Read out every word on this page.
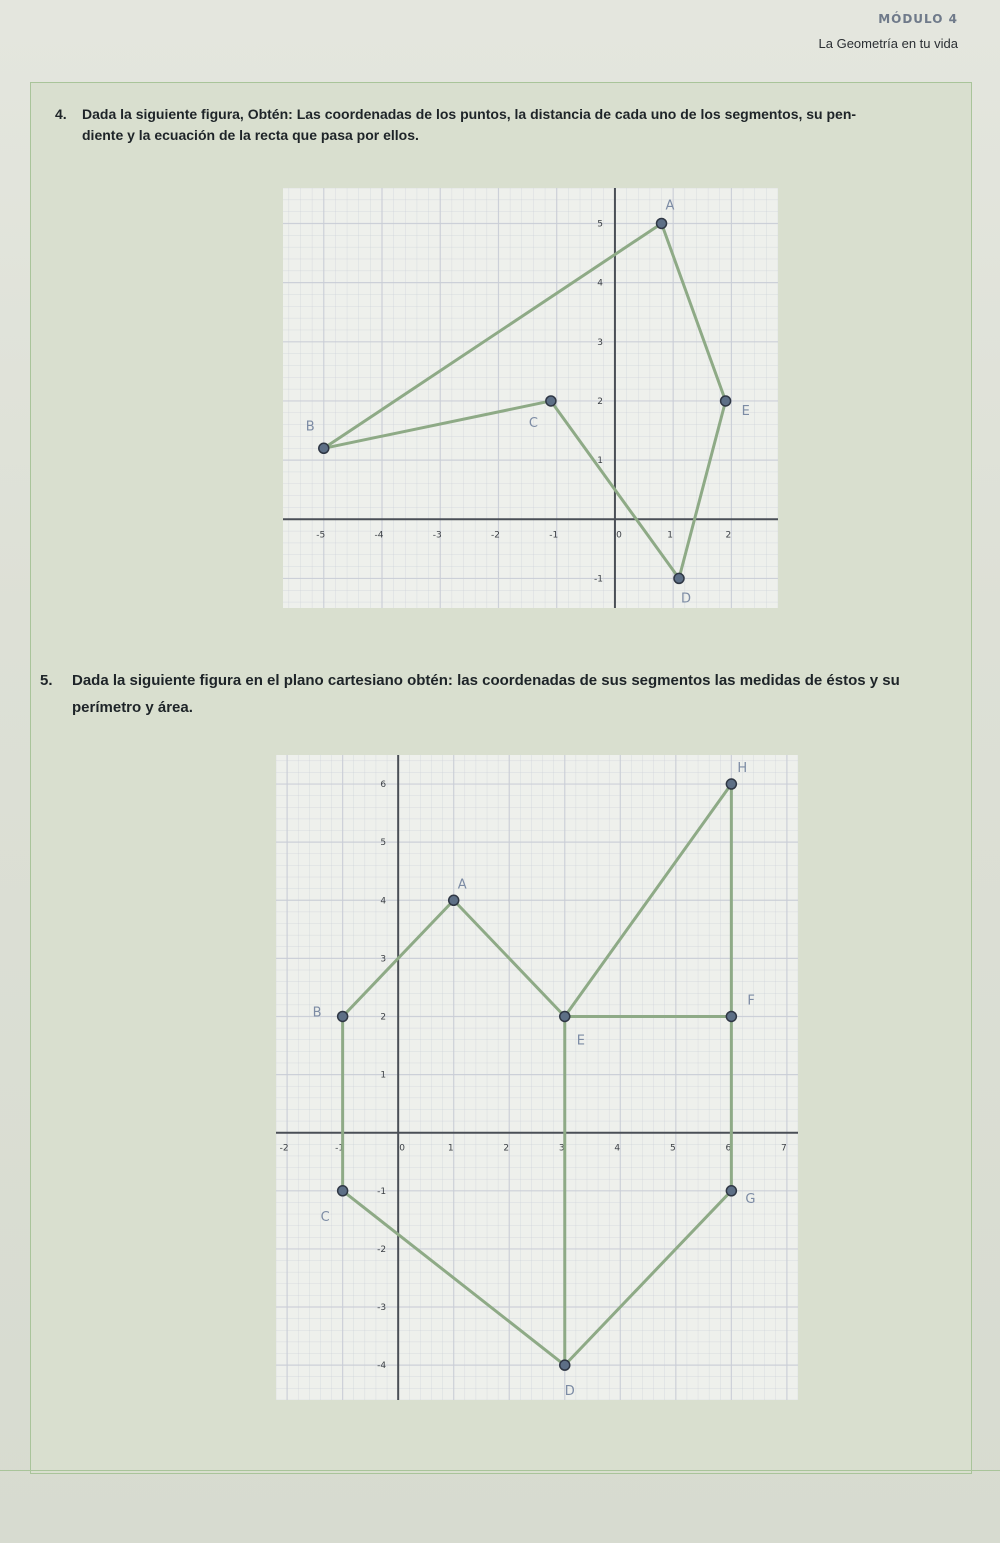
MÓDULO 4
La Geometría en tu vida
4. Dada la siguiente figura, Obtén: Las coordenadas de los puntos, la distancia de cada uno de los segmentos, su pen-
diente y la ecuación de la recta que pasa por ellos.
-5	-4	-3	-2	-1	0	1	2
-1
1
2
3
4
5
A
B	C
D
E
5. Dada la siguiente figura en el plano cartesiano obtén: las coordenadas de sus segmentos las medidas de éstos y su
perímetro y área.
-2	-1	0	1	2	3	4	5	6	7
-4
-3
-2
-1
1
2
3
4
5
6
A
B
C
D
E
F
G
H
